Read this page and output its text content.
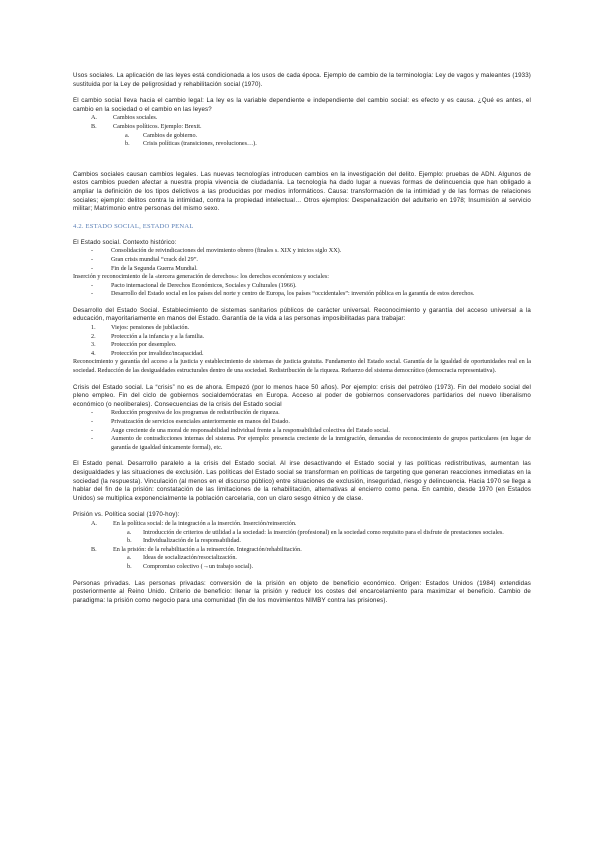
Usos sociales. La aplicación de las leyes está condicionada a los usos de cada época. Ejemplo de cambio de la terminología: Ley de vagos y maleantes (1933) sustituida por la Ley de peligrosidad y rehabilitación social (1970).

El cambio social lleva hacia el cambio legal: La ley es la variable dependiente e independiente del cambio social: es efecto y es causa. ¿Qué es antes, el cambio en la sociedad o el cambio en las leyes?

A.	Cambios sociales.
B.	Cambios políticos. Ejemplo: Brexit.
a. Cambios de gobierno.
b. Crisis políticas (transiciones, revoluciones…).

Cambios sociales causan cambios legales. Las nuevas tecnologías introducen cambios en la investigación del delito. Ejemplo: pruebas de ADN. Algunos de estos cambios pueden afectar a nuestra propia vivencia de ciudadanía. La tecnología ha dado lugar a nuevas formas de delincuencia que han obligado a ampliar la definición de los tipos delictivos a las producidas por medios informáticos. Causa: transformación de la intimidad y de las formas de relaciones sociales; ejemplo: delitos contra la intimidad, contra la propiedad intelectual… Otros ejemplos: Despenalización del adulterio en 1978; Insumisión al servicio militar; Matrimonio entre personas del mismo sexo.

4.2. ESTADO SOCIAL, ESTADO PENAL

El Estado social. Contexto histórico:

-	Consolidación de reivindicaciones del movimiento obrero (finales s. XIX y inicios siglo XX).
-	Gran crisis mundial “crack del 29”.
-	Fin de la Segunda Guerra Mundial.

Inserción y reconocimiento de la «tercera generación de derechos»: los derechos económicos y sociales:

-	Pacto internacional de Derechos Económicos, Sociales y Culturales (1966).
-	Desarrollo del Estado social en los países del norte y centro de Europa, los países “occidentales”: inversión pública en la garantía de estos derechos.

Desarrollo del Estado Social. Establecimiento de sistemas sanitarios públicos de carácter universal. Reconocimiento y garantía del acceso universal a la educación, mayoritariamente en manos del Estado. Garantía de la vida a las personas imposibilitadas para trabajar:

1.	Viejos: pensiones de jubilación.
2.	Protección a la infancia y a la familia.
3.	Protección por desempleo.
4.	Protección por invalidez/incapacidad.

Reconocimiento y garantía del acceso a la justicia y establecimiento de sistemas de justicia gratuita. Fundamento del Estado social. Garantía de la igualdad de oportunidades real en la sociedad. Reducción de las desigualdades estructurales dentro de una sociedad. Redistribución de la riqueza. Refuerzo del sistema democrático (democracia representativa).

Crisis del Estado social. La “crisis” no es de ahora. Empezó (por lo menos hace 50 años). Por ejemplo: crisis del petróleo (1973). Fin del modelo social del pleno empleo. Fin del ciclo de gobiernos socialdemócratas en Europa. Acceso al poder de gobiernos conservadores partidarios del nuevo liberalismo económico (o neoliberales). Consecuencias de la crisis del Estado social

-	Reducción progresiva de los programas de redistribución de riqueza.
-	Privatización de servicios esenciales anteriormente en manos del Estado.
-	Auge creciente de una moral de responsabilidad individual frente a la responsabilidad colectiva del Estado social.
-	Aumento de contradicciones internas del sistema. Por ejemplo: presencia creciente de la inmigración, demandas de reconocimiento de grupos particulares (en lugar de garantía de igualdad únicamente formal), etc.

El Estado penal. Desarrollo paralelo a la crisis del Estado social. Al irse desactivando el Estado social y las políticas redistributivas, aumentan las desigualdades y las situaciones de exclusión. Las políticas del Estado social se transforman en políticas de targeting que generan reacciones inmediatas en la sociedad (la respuesta). Vinculación (al menos en el discurso público) entre situaciones de exclusión, inseguridad, riesgo y delincuencia. Hacia 1970 se llega a hablar del fin de la prisión: constatación de las limitaciones de la rehabilitación, alternativas al encierro como pena. En cambio, desde 1970 (en Estados Unidos) se multiplica exponencialmente la población carcelaria, con un claro sesgo étnico y de clase.

Prisión vs. Política social (1970-hoy):

A.	En la política social: de la integración a la inserción. Inserción/reinserción.
a. Introducción de criterios de utilidad a la sociedad: la inserción (profesional) en la sociedad como requisito para el disfrute de prestaciones sociales.
b. Individualización de la responsabilidad.
B.	En la prisión: de la rehabilitación a la reinserción. Integración/rehabilitación.
a. Ideas de socialización/resocialización.
b. Compromiso colectivo (→un trabajo social).

Personas privadas. Las personas privadas: conversión de la prisión en objeto de beneficio económico. Origen: Estados Unidos (1984) extendidas posteriormente al Reino Unido. Criterio de beneficio: llenar la prisión y reducir los costes del encarcelamiento para maximizar el beneficio. Cambio de paradigma: la prisión como negocio para una comunidad (fin de los movimientos NIMBY contra las prisiones).
